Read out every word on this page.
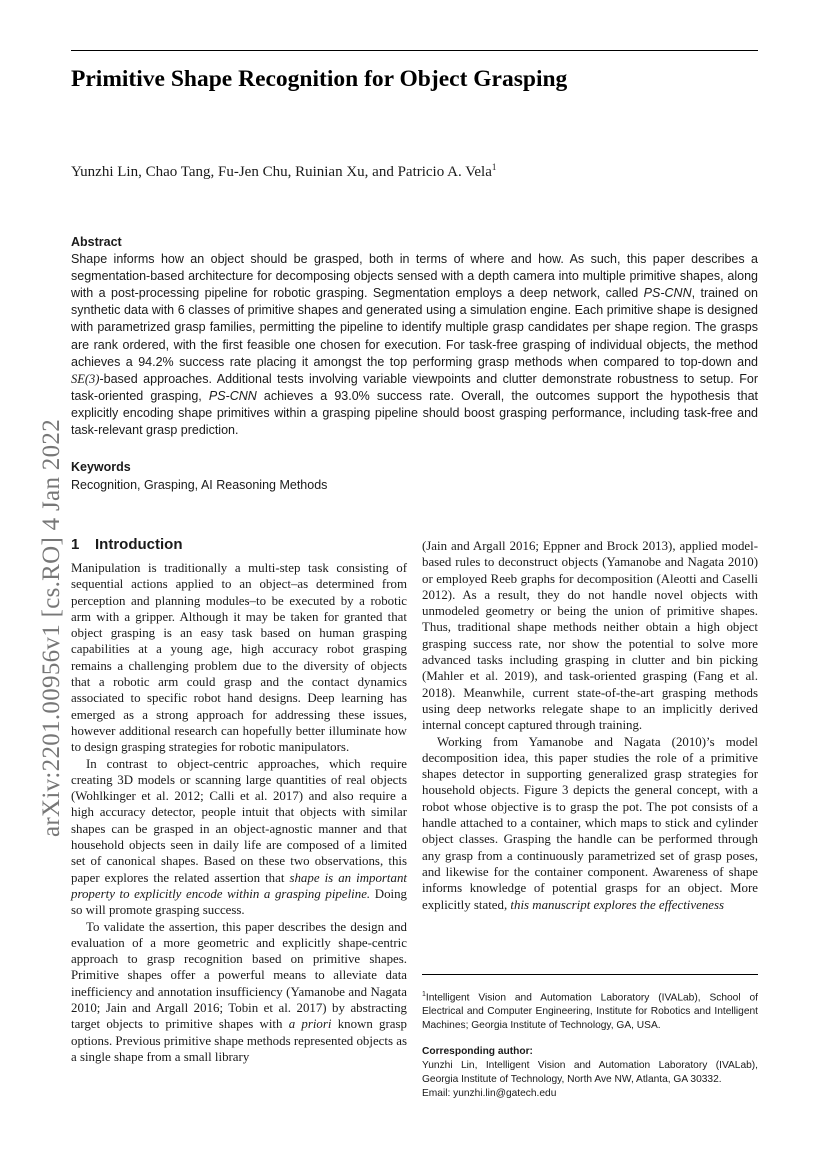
Primitive Shape Recognition for Object Grasping
Yunzhi Lin, Chao Tang, Fu-Jen Chu, Ruinian Xu, and Patricio A. Vela$^1$
arXiv:2201.00956v1 [cs.RO] 4 Jan 2022

Abstract

Shape informs how an object should be grasped, both in terms of where and how. As such, this paper describes a segmentation-based architecture for decomposing objects sensed with a depth camera into multiple primitive shapes, along with a post-processing pipeline for robotic grasping. Segmentation employs a deep network, called PS-CNN, trained on synthetic data with 6 classes of primitive shapes and generated using a simulation engine. Each primitive shape is designed with parametrized grasp families, permitting the pipeline to identify multiple grasp candidates per shape region. The grasps are rank ordered, with the first feasible one chosen for execution. For task-free grasping of individual objects, the method achieves a 94.2% success rate placing it amongst the top performing grasp methods when compared to top-down and SE(3)-based approaches. Additional tests involving variable viewpoints and clutter demonstrate robustness to setup. For task-oriented grasping, PS-CNN achieves a 93.0% success rate. Overall, the outcomes support the hypothesis that explicitly encoding shape primitives within a grasping pipeline should boost grasping performance, including task-free and task-relevant grasp prediction.

Keywords

Recognition, Grasping, AI Reasoning Methods

1 Introduction

Manipulation is traditionally a multi-step task consisting of sequential actions applied to an object–as determined from perception and planning modules–to be executed by a robotic arm with a gripper. Although it may be taken for granted that object grasping is an easy task based on human grasping capabilities at a young age, high accuracy robot grasping remains a challenging problem due to the diversity of objects that a robotic arm could grasp and the contact dynamics associated to specific robot hand designs. Deep learning has emerged as a strong approach for addressing these issues, however additional research can hopefully better illuminate how to design grasping strategies for robotic manipulators.

In contrast to object-centric approaches, which require creating 3D models or scanning large quantities of real objects (Wohlkinger et al. 2012; Calli et al. 2017) and also require a high accuracy detector, people intuit that objects with similar shapes can be grasped in an object-agnostic manner and that household objects seen in daily life are composed of a limited set of canonical shapes. Based on these two observations, this paper explores the related assertion that shape is an important property to explicitly encode within a grasping pipeline. Doing so will promote grasping success.

To validate the assertion, this paper describes the design and evaluation of a more geometric and explicitly shape-centric approach to grasp recognition based on primitive shapes. Primitive shapes offer a powerful means to alleviate data inefficiency and annotation insufficiency (Yamanobe and Nagata 2010; Jain and Argall 2016; Tobin et al. 2017) by abstracting target objects to primitive shapes with a priori known grasp options. Previous primitive shape methods represented objects as a single shape from a small library

(Jain and Argall 2016; Eppner and Brock 2013), applied model-based rules to deconstruct objects (Yamanobe and Nagata 2010) or employed Reeb graphs for decomposition (Aleotti and Caselli 2012). As a result, they do not handle novel objects with unmodeled geometry or being the union of primitive shapes. Thus, traditional shape methods neither obtain a high object grasping success rate, nor show the potential to solve more advanced tasks including grasping in clutter and bin picking (Mahler et al. 2019), and task-oriented grasping (Fang et al. 2018). Meanwhile, current state-of-the-art grasping methods using deep networks relegate shape to an implicitly derived internal concept captured through training.

Working from Yamanobe and Nagata (2010)’s model decomposition idea, this paper studies the role of a primitive shapes detector in supporting generalized grasp strategies for household objects. Figure 3 depicts the general concept, with a robot whose objective is to grasp the pot. The pot consists of a handle attached to a container, which maps to stick and cylinder object classes. Grasping the handle can be performed through any grasp from a continuously parametrized set of grasp poses, and likewise for the container component. Awareness of shape informs knowledge of potential grasps for an object. More explicitly stated, this manuscript explores the effectiveness

$^1$Intelligent Vision and Automation Laboratory (IVALab), School of Electrical and Computer Engineering, Institute for Robotics and Intelligent Machines; Georgia Institute of Technology, GA, USA.

Corresponding author:

Yunzhi Lin, Intelligent Vision and Automation Laboratory (IVALab), Georgia Institute of Technology, North Ave NW, Atlanta, GA 30332.

Email: yunzhi.lin@gatech.edu
